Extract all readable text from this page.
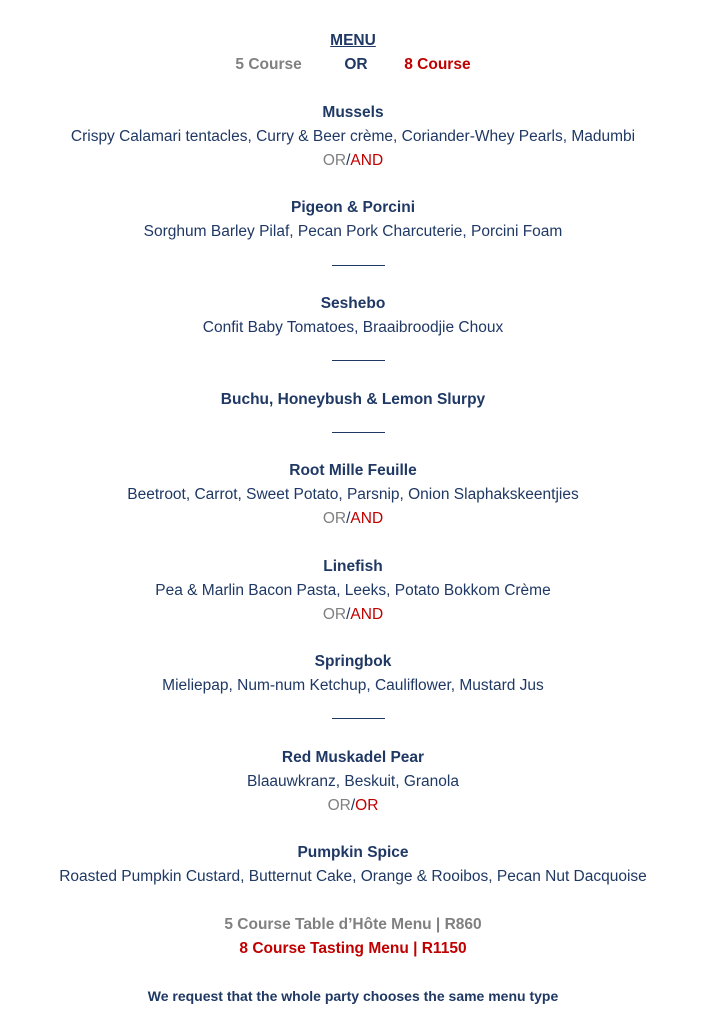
MENU
5 Course	OR 8 Course
Mussels
Crispy Calamari tentacles, Curry & Beer crème, Coriander-Whey Pearls, Madumbi
OR/AND
Pigeon & Porcini
Sorghum Barley Pilaf, Pecan Pork Charcuterie, Porcini Foam
Seshebo
Confit Baby Tomatoes, Braaibroodjie Choux
Buchu, Honeybush & Lemon Slurpy
Root Mille Feuille
Beetroot, Carrot, Sweet Potato, Parsnip, Onion Slaphakskeentjies
OR/AND
Linefish
Pea & Marlin Bacon Pasta, Leeks, Potato Bokkom Crème
OR/AND
Springbok
Mieliepap, Num-num Ketchup, Cauliflower, Mustard Jus
Red Muskadel Pear
Blaauwkranz, Beskuit, Granola
OR/OR
Pumpkin Spice
Roasted Pumpkin Custard, Butternut Cake, Orange & Rooibos, Pecan Nut Dacquoise
5 Course Table d’Hôte Menu | R860
8 Course Tasting Menu | R1150
We request that the whole party chooses the same menu type
